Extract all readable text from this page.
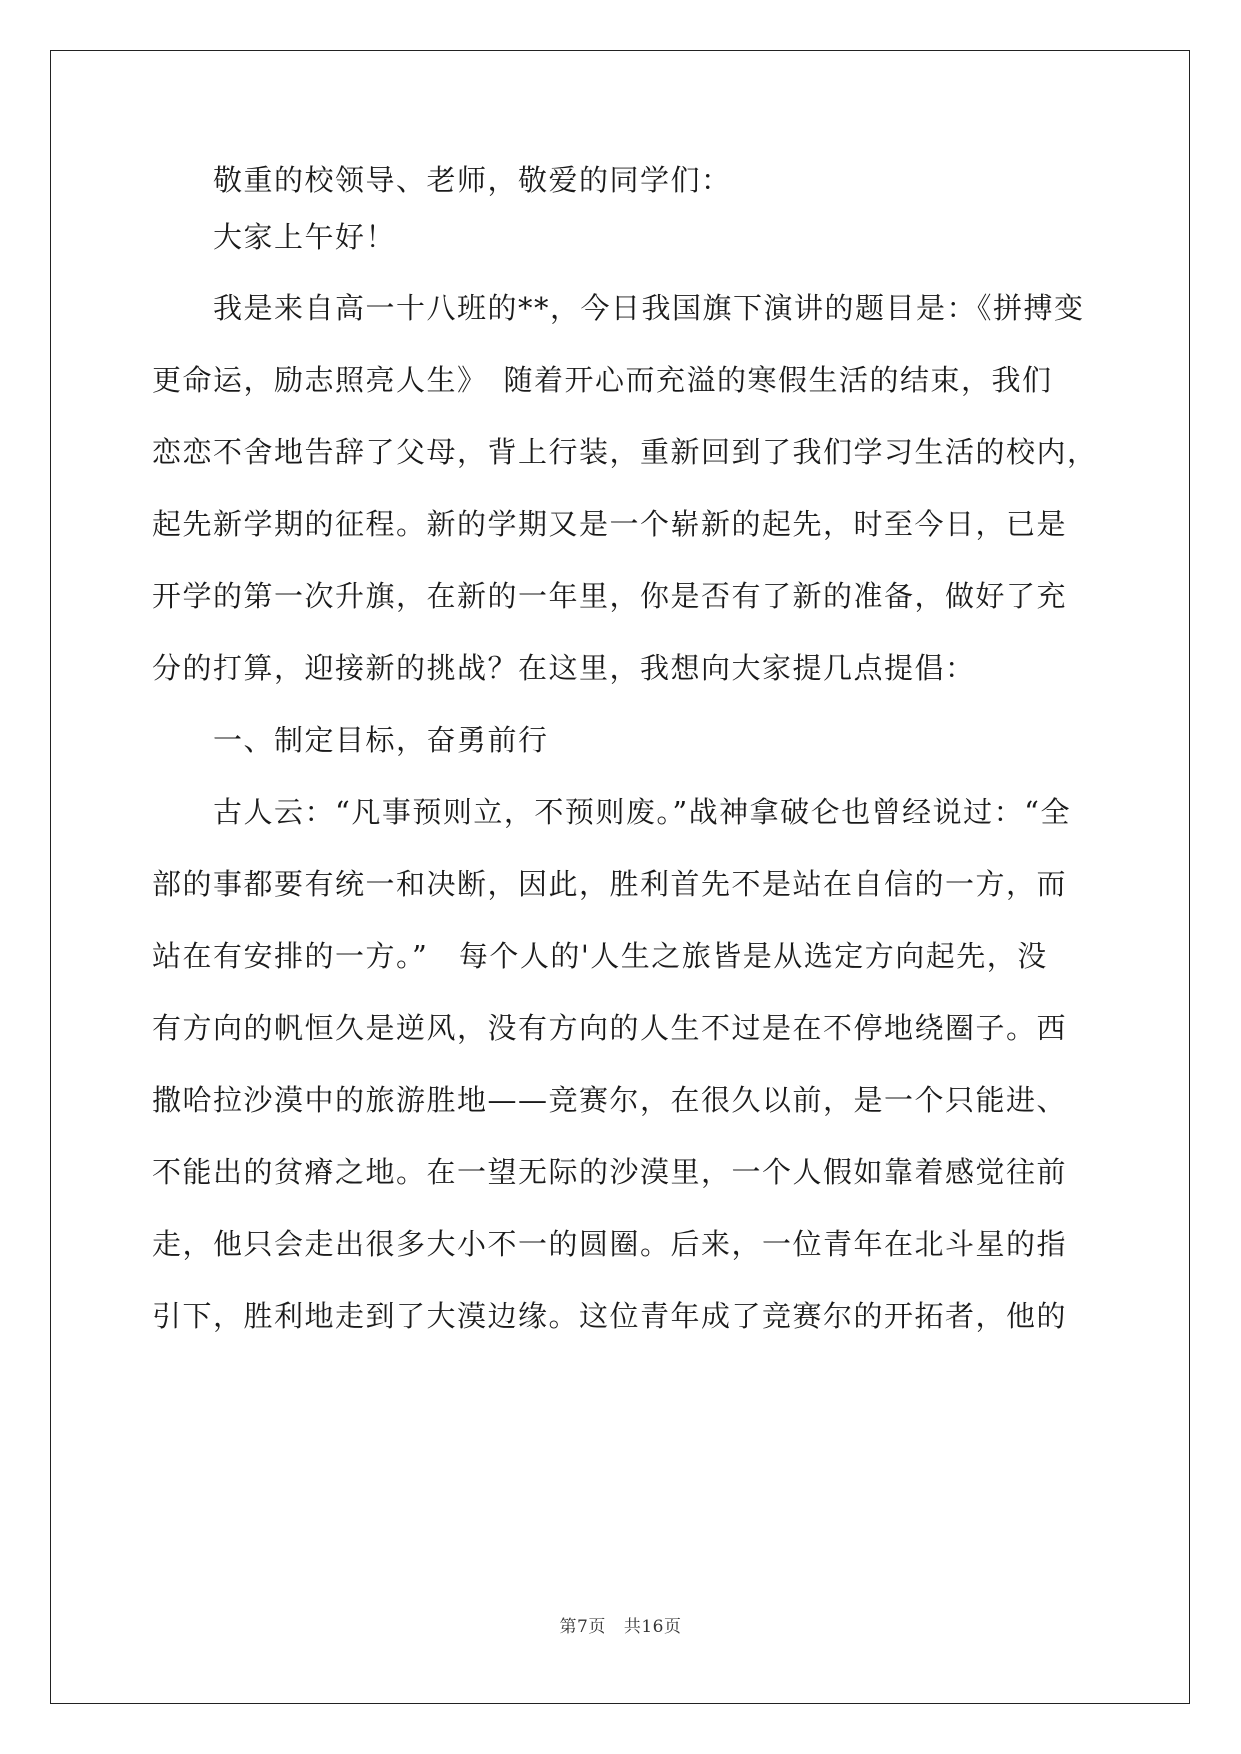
敬重的校领导、老师，敬爱的同学们：
大家上午好！
我是来自高一十八班的**，今日我国旗下演讲的题目是：《拼搏变
更命运，励志照亮人生》　随着开心而充溢的寒假生活的结束，我们
恋恋不舍地告辞了父母，背上行装，重新回到了我们学习生活的校内，
起先新学期的征程。新的学期又是一个崭新的起先，时至今日，已是
开学的第一次升旗，在新的一年里，你是否有了新的准备，做好了充
分的打算，迎接新的挑战？在这里，我想向大家提几点提倡：
一、制定目标，奋勇前行
古人云：“凡事预则立，不预则废。”战神拿破仑也曾经说过：“全
部的事都要有统一和决断，因此，胜利首先不是站在自信的一方，而
站在有安排的一方。”　每个人的'人生之旅皆是从选定方向起先，没
有方向的帆恒久是逆风，没有方向的人生不过是在不停地绕圈子。西
撒哈拉沙漠中的旅游胜地——竞赛尔，在很久以前，是一个只能进、
不能出的贫瘠之地。在一望无际的沙漠里，一个人假如靠着感觉往前
走，他只会走出很多大小不一的圆圈。后来，一位青年在北斗星的指
引下，胜利地走到了大漠边缘。这位青年成了竞赛尔的开拓者，他的
第7页 共16页
